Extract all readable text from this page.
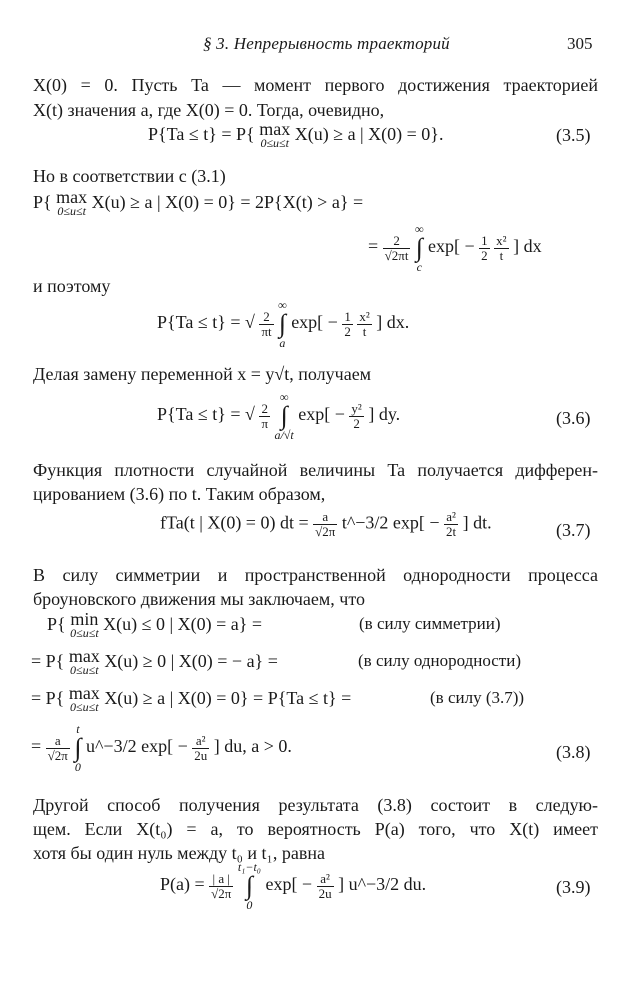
§ 3. Непрерывность траекторий	305
X(0) = 0. Пусть Ta — момент первого достижения траекторией
X(t) значения a, где X(0) = 0. Тогда, очевидно,
P{Ta ≤ t} = P{ max
0≤u≤t X(u) ≥ a | X(0) = 0}.	(3.5)
Но в соответствии с (3.1)
P{ max
0≤u≤t X(u) ≥ a | X(0) = 0} = 2P{X(t) > a} =
= $\frac{2}{√2\pi t}$

∞
∫
c
$\exp[ - \frac{1}{2}$
$\frac{\text{x²}}{t}$ ] dx
и поэтому
P{Ta ≤ t} = √ $\frac{2}{\pi t}$

∞
∫
a
$\exp[ - \frac{1}{2}$
$\frac{\text{x²}}{t}$ ] dx.
Делая замену переменной x = y√t, получаем
P{Ta ≤ t} = √ $\frac{2}{\pi}$

∞
∫
a/√t
$\exp[ - \frac{\text{y²}}{2}$ ] dy.	(3.6)
Функция плотности случайной величины Ta получается дифферен-
цированием (3.6) по t. Таким образом,
fTa(t | X(0) = 0) dt = $\frac{a}{√2\pi}$ t^−3/2 $\exp[ - \frac{\text{a²}}{2t}$ ] dt.	(3.7)
В силу симметрии и пространственной однородности процесса
броуновского движения мы заключаем, что
P{ min
0≤u≤t X(u) ≤ 0 | X(0) = a} =	(в силу симметрии)
= P{ max
0≤u≤t X(u) ≥ 0 | X(0) = − a} =	(в силу однородности)
= P{ max
0≤u≤t X(u) ≥ a | X(0) = 0} = P{Ta ≤ t} =	(в силу (3.7))
= $\frac{a}{√2\pi}$

t
∫
0
u^−3/2 $\exp[ - \frac{\text{a²}}{2u}$ ] du, a > 0.	(3.8)
Другой способ получения результата (3.8) состоит в следую-
щем. Если X(t₀) = a, то вероятность P(a) того, что X(t) имеет
хотя бы один нуль между t₀ и t₁, равна
$P(a) = \frac{| a |}{√2\pi}$

t₁−t₀
∫
0
$\exp[ - \frac{\text{a²}}{2u}$ ] u^−3/2 du.	(3.9)
